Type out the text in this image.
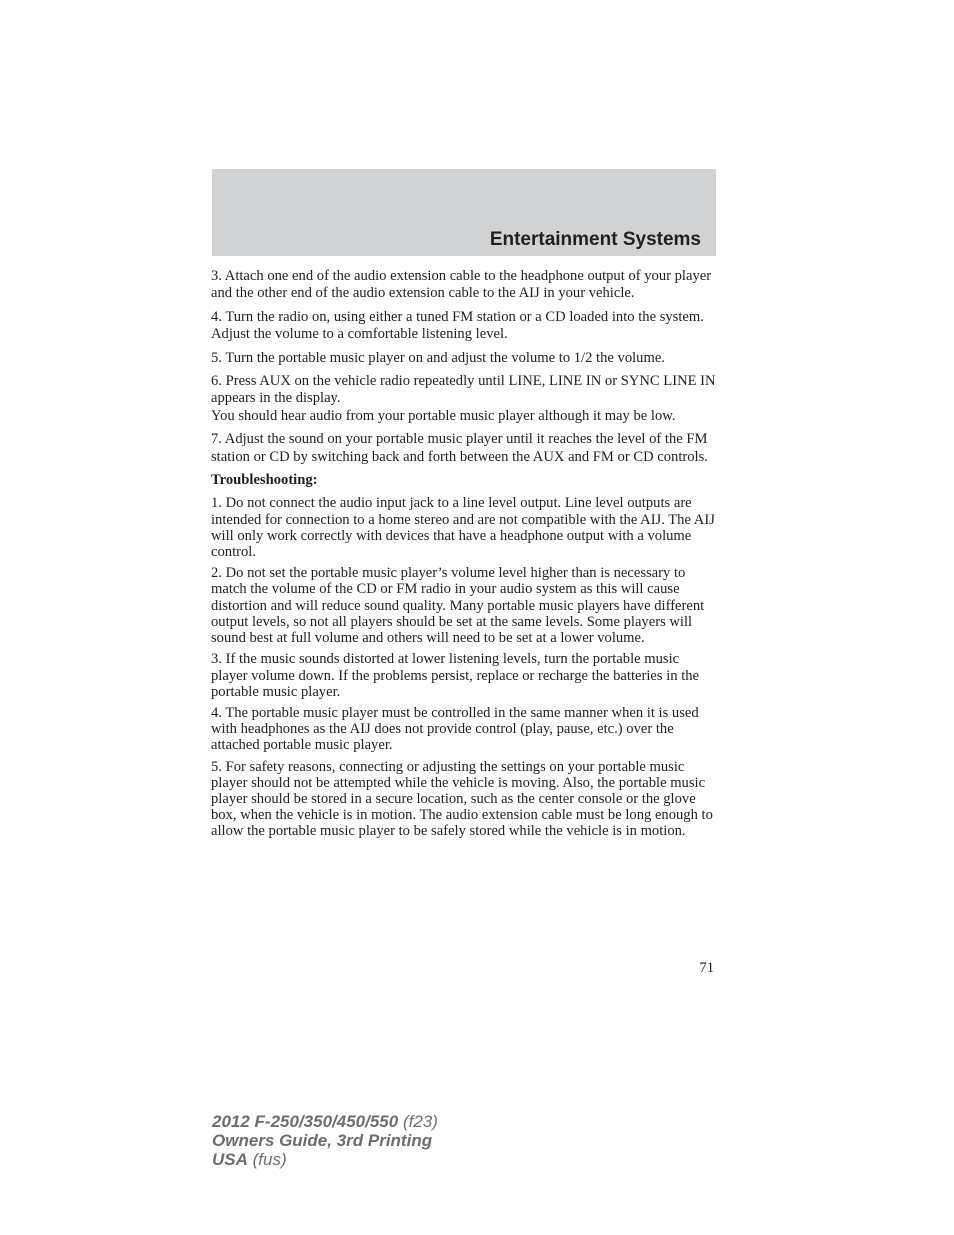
Entertainment Systems

3. Attach one end of the audio extension cable to the headphone output of your player and the other end of the audio extension cable to the AIJ in your vehicle.

4. Turn the radio on, using either a tuned FM station or a CD loaded into the system. Adjust the volume to a comfortable listening level.

5. Turn the portable music player on and adjust the volume to 1/2 the volume.

6. Press AUX on the vehicle radio repeatedly until LINE, LINE IN or SYNC LINE IN appears in the display.

You should hear audio from your portable music player although it may be low.

7. Adjust the sound on your portable music player until it reaches the level of the FM station or CD by switching back and forth between the AUX and FM or CD controls.

Troubleshooting:

1. Do not connect the audio input jack to a line level output. Line level outputs are intended for connection to a home stereo and are not compatible with the AIJ. The AIJ will only work correctly with devices that have a headphone output with a volume control.

2. Do not set the portable music player’s volume level higher than is necessary to match the volume of the CD or FM radio in your audio system as this will cause distortion and will reduce sound quality. Many portable music players have different output levels, so not all players should be set at the same levels. Some players will sound best at full volume and others will need to be set at a lower volume.

3. If the music sounds distorted at lower listening levels, turn the portable music player volume down. If the problems persist, replace or recharge the batteries in the portable music player.

4. The portable music player must be controlled in the same manner when it is used with headphones as the AIJ does not provide control (play, pause, etc.) over the attached portable music player.

5. For safety reasons, connecting or adjusting the settings on your portable music player should not be attempted while the vehicle is moving. Also, the portable music player should be stored in a secure location, such as the center console or the glove box, when the vehicle is in motion. The audio extension cable must be long enough to allow the portable music player to be safely stored while the vehicle is in motion.

71
2012 F-250/350/450/550 (f23)
Owners Guide, 3rd Printing
USA (fus)
